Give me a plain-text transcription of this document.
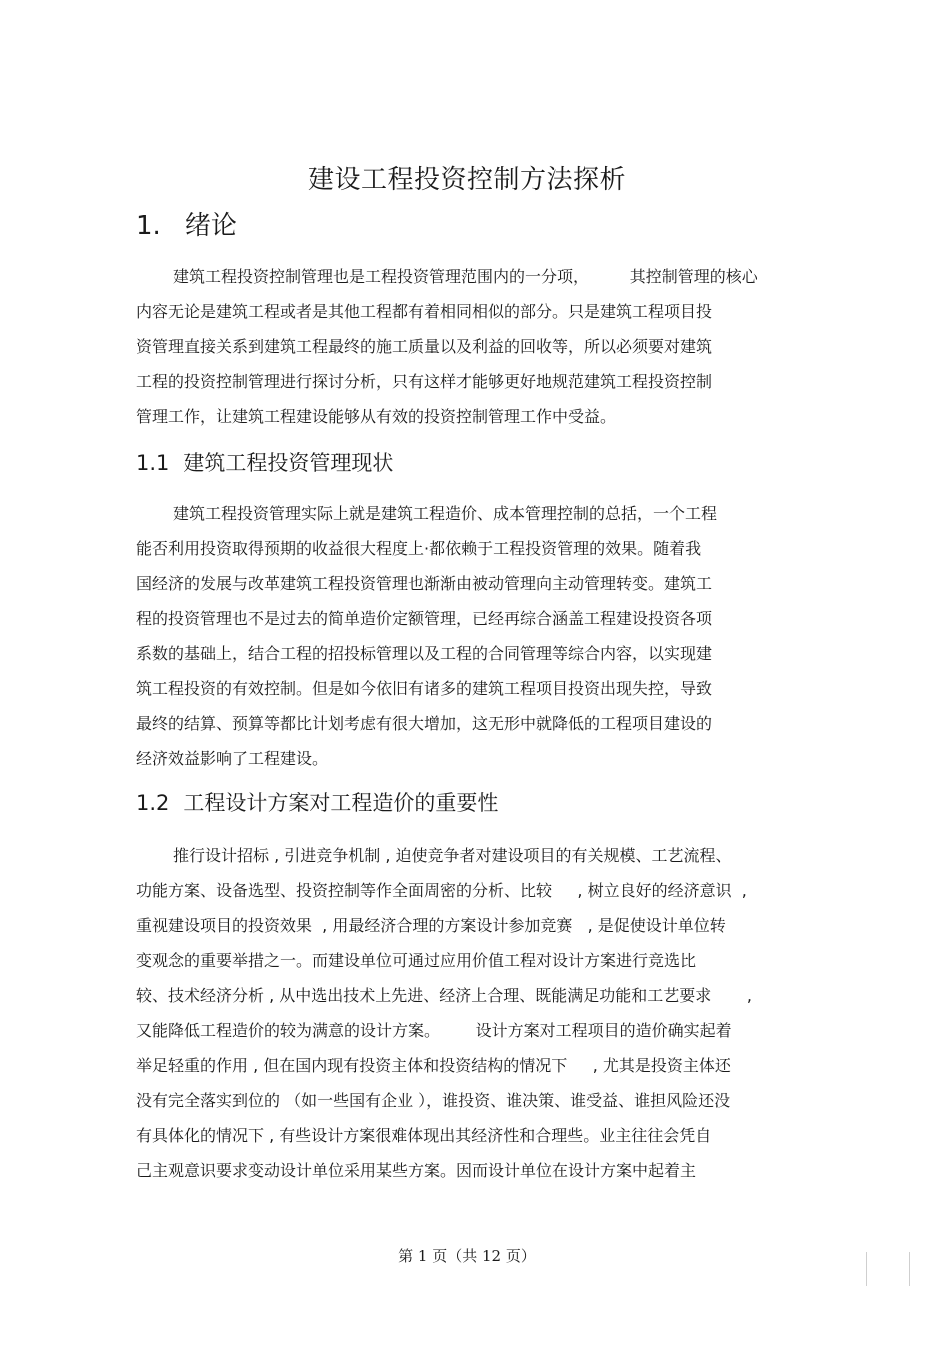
建设工程投资控制方法探析
1. 绪论
建筑工程投资控制管理也是工程投资管理范围内的一分项，        其控制管理的核心
内容无论是建筑工程或者是其他工程都有着相同相似的部分。只是建筑工程项目投
资管理直接关系到建筑工程最终的施工质量以及利益的回收等，所以必须要对建筑
工程的投资控制管理进行探讨分析，只有这样才能够更好地规范建筑工程投资控制
管理工作，让建筑工程建设能够从有效的投资控制管理工作中受益。
1.1 建筑工程投资管理现状
建筑工程投资管理实际上就是建筑工程造价、成本管理控制的总括，一个工程
能否利用投资取得预期的收益很大程度上·都依赖于工程投资管理的效果。随着我
国经济的发展与改革建筑工程投资管理也渐渐由被动管理向主动管理转变。建筑工
程的投资管理也不是过去的简单造价定额管理，已经再综合涵盖工程建设投资各项
系数的基础上，结合工程的招投标管理以及工程的合同管理等综合内容，以实现建
筑工程投资的有效控制。但是如今依旧有诸多的建筑工程项目投资出现失控，导致
最终的结算、预算等都比计划考虑有很大增加，这无形中就降低的工程项目建设的
经济效益影响了工程建设。
1.2 工程设计方案对工程造价的重要性
推行设计招标 , 引进竞争机制 , 迫使竞争者对建设项目的有关规模、工艺流程、
功能方案、设备选型、投资控制等作全面周密的分析、比较     , 树立良好的经济意识  ,
重视建设项目的投资效果  , 用最经济合理的方案设计参加竞赛   , 是促使设计单位转
变观念的重要举措之一。而建设单位可通过应用价值工程对设计方案进行竞选比
较、技术经济分析 , 从中选出技术上先进、经济上合理、既能满足功能和工艺要求       ,
又能降低工程造价的较为满意的设计方案。       设计方案对工程项目的造价确实起着
举足轻重的作用 , 但在国内现有投资主体和投资结构的情况下     , 尤其是投资主体还
没有完全落实到位的 （如一些国有企业 ），谁投资、谁决策、谁受益、谁担风险还没
有具体化的情况下 , 有些设计方案很难体现出其经济性和合理些。业主往往会凭自
己主观意识要求变动设计单位采用某些方案。因而设计单位在设计方案中起着主
第 1 页（共 12 页）
